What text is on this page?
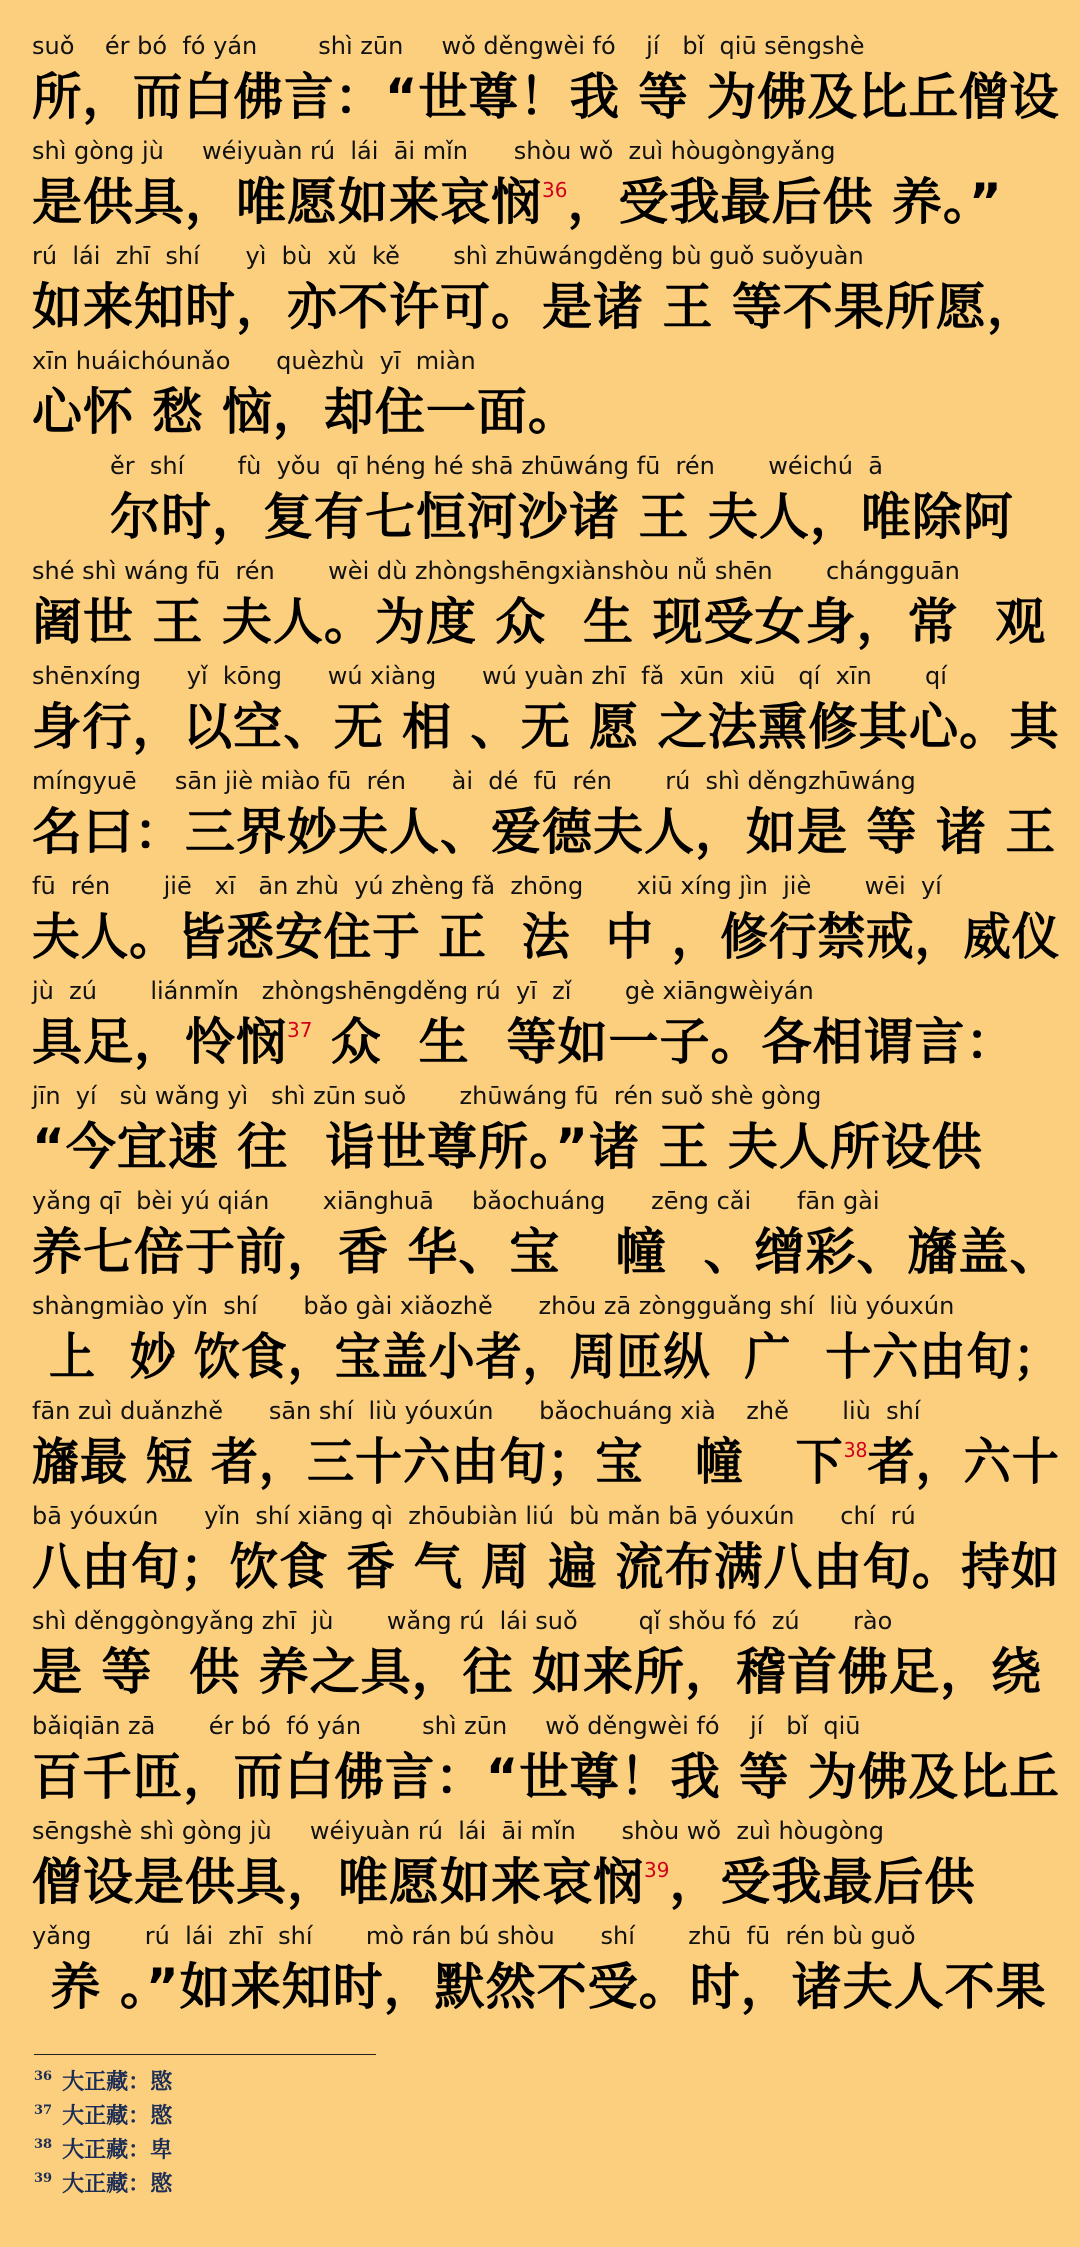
suǒ    ér bó  fó yán        shì zūn     wǒ děngwèi fó    jí   bǐ  qiū sēngshè
所，而白佛言：“世尊！我 等 为佛及比丘僧设
shì gòng jù     wéiyuàn rú  lái  āi mǐn      shòu wǒ  zuì hòugòngyǎng
是供具，唯愿如来哀悯$^{36}$，受我最后供 养。”
rú  lái  zhī  shí      yì  bù  xǔ  kě       shì zhūwángděng bù guǒ suǒyuàn
如来知时，亦不许可。是诸 王 等不果所愿，
xīn huáichóunǎo      quèzhù  yī  miàn
心怀 愁 恼，却住一面。
ěr  shí       fù  yǒu  qī héng hé shā zhūwáng fū  rén       wéichú  ā
尔时，复有七恒河沙诸 王 夫人，唯除阿
shé shì wáng fū  rén       wèi dù zhòngshēngxiànshòu nǚ shēn       chángguān
阇世 王 夫人。为度 众  生 现受女身，常  观
shēnxíng      yǐ  kōng      wú xiàng      wú yuàn zhī  fǎ  xūn  xiū   qí  xīn       qí
身行，以空、无 相 、无 愿 之法熏修其心。其
míngyuē     sān jiè miào fū  rén      ài  dé  fū  rén       rú  shì děngzhūwáng
名曰：三界妙夫人、爱德夫人，如是 等 诸 王
fū  rén       jiē   xī   ān zhù  yú zhèng fǎ  zhōng       xiū xíng jìn  jiè       wēi  yí
夫人。皆悉安住于 正  法  中 ，修行禁戒，威仪
jù  zú       liánmǐn   zhòngshēngděng rú  yī  zǐ       gè xiāngwèiyán
具足，怜悯$^{37}$ 众  生  等如一子。各相谓言：
jīn  yí   sù wǎng yì   shì zūn suǒ       zhūwáng fū  rén suǒ shè gòng
“今宜速 往  诣世尊所。”诸 王 夫人所设供
yǎng qī  bèi yú qián       xiānghuā     bǎochuáng      zēng cǎi      fān gài
养七倍于前，香 华、宝   幢  、缯彩、旛盖、
shàngmiào yǐn  shí      bǎo gài xiǎozhě      zhōu zā zòngguǎng shí  liù yóuxún
上  妙 饮食，宝盖小者，周匝纵  广  十六由旬；
fān zuì duǎnzhě      sān shí  liù yóuxún      bǎochuáng xià    zhě       liù  shí
旛最 短 者，三十六由旬；宝   幢   下$^{38}$者，六十
bā yóuxún      yǐn  shí xiāng qì  zhōubiàn liú  bù mǎn bā yóuxún      chí  rú
八由旬；饮食 香 气 周 遍 流布满八由旬。持如
shì děnggòngyǎng zhī  jù       wǎng rú  lái suǒ        qǐ shǒu fó  zú       rào
是 等  供 养之具，往 如来所，稽首佛足，绕
bǎiqiān zā       ér bó  fó yán        shì zūn     wǒ děngwèi fó    jí   bǐ  qiū
百千匝，而白佛言：“世尊！我 等 为佛及比丘
sēngshè shì gòng jù     wéiyuàn rú  lái  āi mǐn      shòu wǒ  zuì hòugòng
僧设是供具，唯愿如来哀悯$^{39}$，受我最后供
yǎng       rú  lái  zhī  shí       mò rán bú shòu      shí       zhū  fū  rén bù guǒ
养 。”如来知时，默然不受。时，诸夫人不果
$^{36}$ 大正藏：愍
$^{37}$ 大正藏：愍
$^{38}$ 大正藏：卑
$^{39}$ 大正藏：愍
